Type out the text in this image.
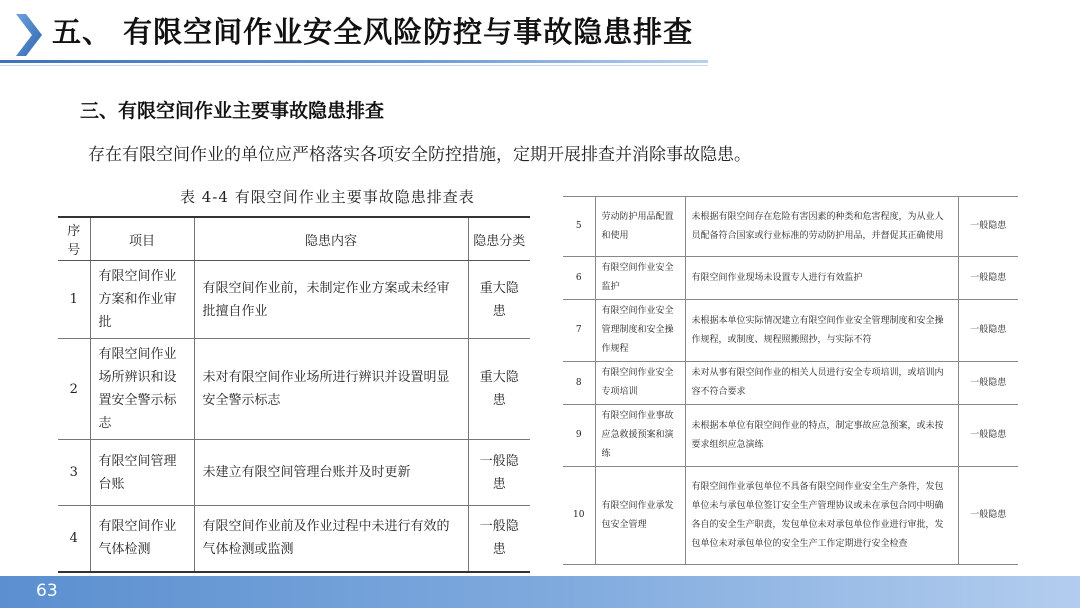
五、 有限空间作业安全风险防控与事故隐患排查
三、有限空间作业主要事故隐患排查
存在有限空间作业的单位应严格落实各项安全防控措施，定期开展排查并消除事故隐患。
表 4-4 有限空间作业主要事故隐患排查表
序号	项目	隐患内容	隐患分类
1	有限空间作业方案和作业审批	有限空间作业前，未制定作业方案或未经审批擅自作业	重大隐患
2	有限空间作业场所辨识和设置安全警示标志	未对有限空间作业场所进行辨识并设置明显安全警示标志	重大隐患
3	有限空间管理台账	未建立有限空间管理台账并及时更新	一般隐患
4	有限空间作业气体检测	有限空间作业前及作业过程中未进行有效的气体检测或监测	一般隐患
5	劳动防护用品配置和使用	未根据有限空间存在危险有害因素的种类和危害程度，为从业人员配备符合国家或行业标准的劳动防护用品，并督促其正确使用	一般隐患
6	有限空间作业安全监护	有限空间作业现场未设置专人进行有效监护	一般隐患
7	有限空间作业安全管理制度和安全操作规程	未根据本单位实际情况建立有限空间作业安全管理制度和安全操作规程，或制度、规程照搬照抄，与实际不符	一般隐患
8	有限空间作业安全专项培训	未对从事有限空间作业的相关人员进行安全专项培训，或培训内容不符合要求	一般隐患
9	有限空间作业事故应急救援预案和演练	未根据本单位有限空间作业的特点，制定事故应急预案，或未按要求组织应急演练	一般隐患
10	有限空间作业承发包安全管理	有限空间作业承包单位不具备有限空间作业安全生产条件，发包单位未与承包单位签订安全生产管理协议或未在承包合同中明确各自的安全生产职责，发包单位未对承包单位作业进行审批，发包单位未对承包单位的安全生产工作定期进行安全检查	一般隐患
63
